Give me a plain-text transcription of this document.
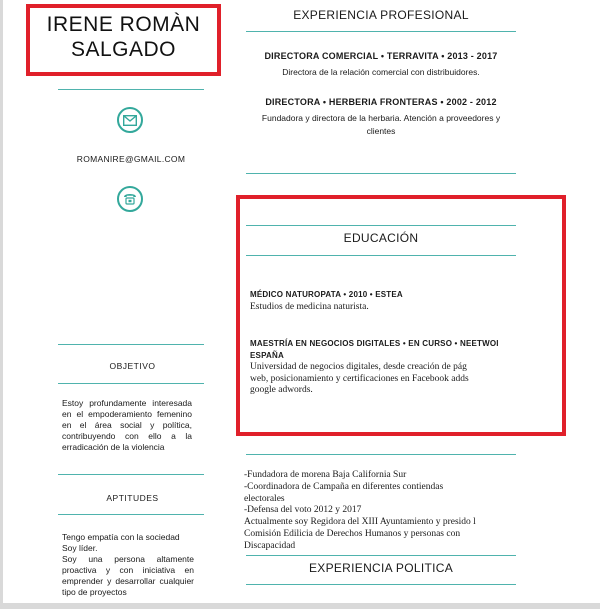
IRENE ROMÀN
SALGADO
ROMANIRE@GMAIL.COM
OBJETIVO
Estoy profundamente interesada en el empoderamiento femenino en el área social y política, contribuyendo con ello a la erradicación de la violencia
APTITUDES
Tengo empatía con la sociedad
Soy líder.
Soy una persona altamente proactiva y con iniciativa en emprender y desarrollar cualquier tipo de proyectos
EXPERIENCIA PROFESIONAL
DIRECTORA COMERCIAL • TERRAVITA • 2013 - 2017
Directora de la relación comercial con distribuidores.
DIRECTORA • HERBERIA FRONTERAS • 2002 - 2012
Fundadora y directora de la herbaria. Atención a proveedores y
clientes
EDUCACIÓN
MÉDICO NATUROPATA • 2010 • ESTEA
Estudios de medicina naturista.
MAESTRÍA EN NEGOCIOS DIGITALES • EN CURSO • NEETWOI
ESPAÑA
Universidad de negocios digitales, desde creación de pág
web, posicionamiento y certificaciones en Facebook adds
google adwords.
-Fundadora de morena Baja California Sur
-Coordinadora de Campaña en diferentes contiendas
electorales
-Defensa del voto 2012 y 2017
Actualmente soy Regidora del XIII Ayuntamiento y presido l
Comisión Edilicia de Derechos Humanos y personas con
Discapacidad
EXPERIENCIA POLITICA
